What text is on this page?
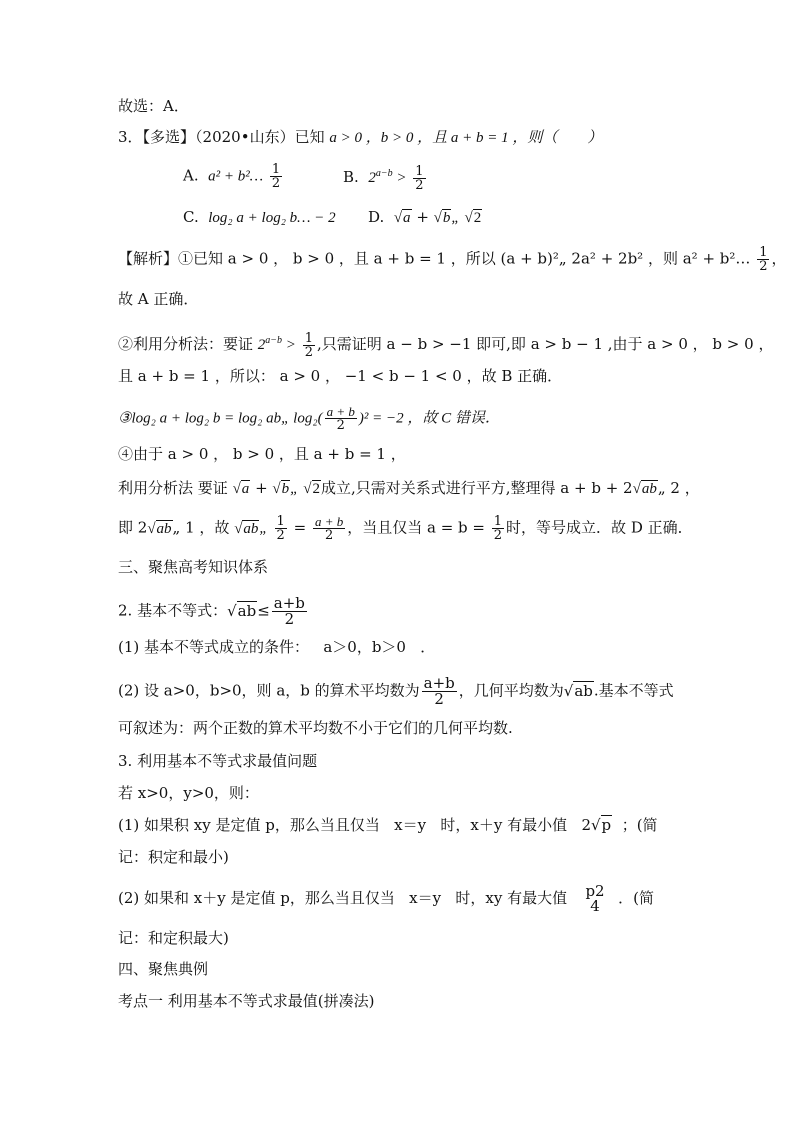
故选：A．
3．【多选】（2020•山东）已知 a > 0 ，b > 0 ，且 a + b = 1 ，则（　　）
A. a² + b²… $\frac{1}{2}$	B. $2^{a-b} > \frac{1}{2}$
C. log₂ a + log₂ b… − 2 D. √a + √b„ √2
【解析】①已知 a > 0 ， b > 0 ，且 a + b = 1 ，所以 (a + b)²„ 2a² + 2b² ，则 a² + b²… $\frac{1}{2}$ ，
故 A 正确．
②利用分析法：要证 $2^{a-b} > \frac{1}{2}$ ,只需证明 a − b > −1 即可,即 a > b − 1 ,由于 a > 0 ， b > 0 ，
且 a + b = 1 ，所以： a > 0 ， −1 < b − 1 < 0 ，故 B 正确．
③log₂ a + log₂ b = log₂ ab„ $\log_2( \frac{a + b}{2} )^2 = -2$ ，故 C 错误．
④由于 a > 0 ， b > 0 ，且 a + b = 1 ，
利用分析法 要证 √a + √b„ √2成立,只需对关系式进行平方,整理得 a + b + 2√ab„ 2 ，
即 2√ab„ 1 ，故 √ab„ $\frac{1}{2} = \frac{a + b}{2}$ ，当且仅当 $a = b = \frac{1}{2}$ 时，等号成立．故 D 正确．
三、聚焦高考知识体系
2. 基本不等式：$√ab\le \frac{a+b}{2}$
(1) 基本不等式成立的条件： a＞0，b＞0 ．
(2) 设 a>0，b>0，则 a，b 的算术平均数为 $\frac{a+b}{2}$ ，几何平均数为√ab.基本不等式
可叙述为：两个正数的算术平均数不小于它们的几何平均数.
3. 利用基本不等式求最值问题
若 x>0，y>0，则：
(1) 如果积 xy 是定值 p，那么当且仅当 x＝y 时，x＋y 有最小值 2√p ；(简
记：积定和最小)
(2) 如果和 x＋y 是定值 p，那么当且仅当 x＝y 时，xy 有最大值 p2
4	．(简
记：和定积最大)
四、聚焦典例
考点一 利用基本不等式求最值(拼凑法)
